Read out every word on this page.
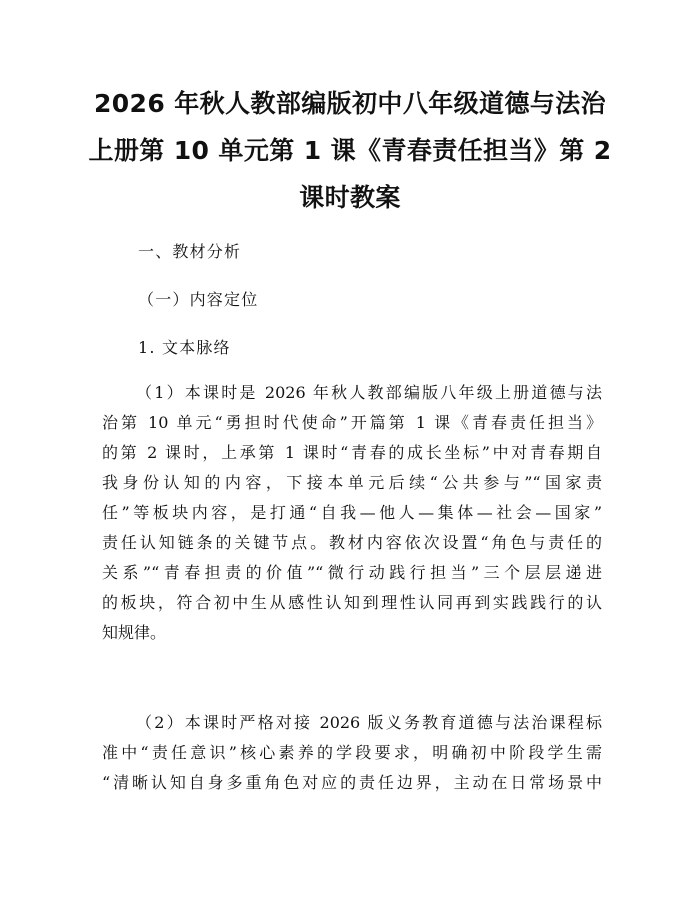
2026 年秋人教部编版初中八年级道德与法治
上册第 10 单元第 1 课《青春责任担当》第 2
课时教案
一、教材分析
（一）内容定位
1. 文本脉络
（1）本课时是 2026 年秋人教部编版八年级上册道德与法
治第 10 单元“勇担时代使命”开篇第 1 课《青春责任担当》
的第 2 课时，上承第 1 课时“青春的成长坐标”中对青春期自
我身份认知的内容，下接本单元后续“公共参与”“国家责
任”等板块内容，是打通“自我—他人—集体—社会—国家”
责任认知链条的关键节点。教材内容依次设置“角色与责任的
关系”“青春担责的价值”“微行动践行担当”三个层层递进
的板块，符合初中生从感性认知到理性认同再到实践践行的认
知规律。
（2）本课时严格对接 2026 版义务教育道德与法治课程标
准中“责任意识”核心素养的学段要求，明确初中阶段学生需
“清晰认知自身多重角色对应的责任边界，主动在日常场景中
